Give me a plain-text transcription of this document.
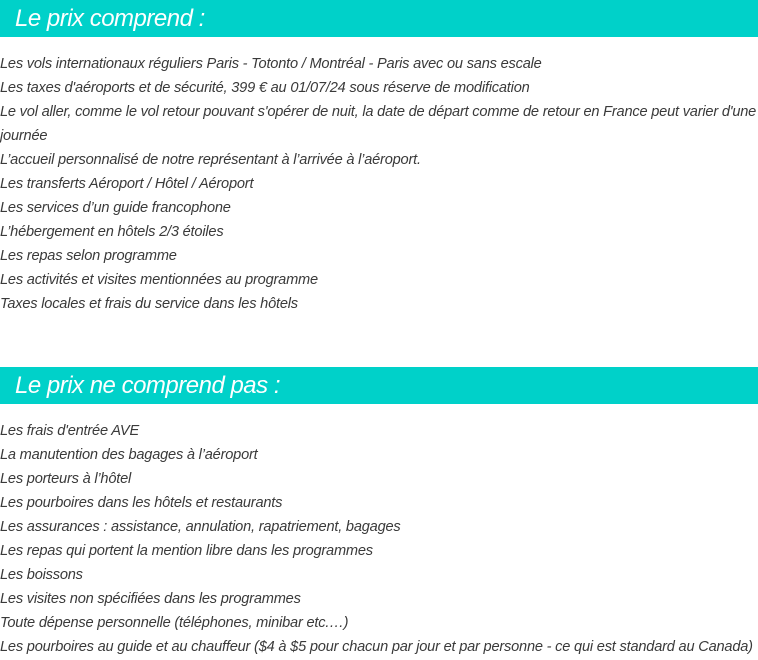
Le prix comprend :
Les vols internationaux réguliers Paris - Totonto / Montréal - Paris avec ou sans escale
Les taxes d'aéroports et de sécurité, 399 € au 01/07/24 sous réserve de modification
Le vol aller, comme le vol retour pouvant s'opérer de nuit, la date de départ comme de retour en France peut varier d'une journée
L’accueil personnalisé de notre représentant à l’arrivée à l’aéroport.
Les transferts Aéroport / Hôtel / Aéroport
Les services d’un guide francophone
L’hébergement en hôtels 2/3 étoiles
Les repas selon programme
Les activités et visites mentionnées au programme
Taxes locales et frais du service dans les hôtels
Le prix ne comprend pas :
Les frais d'entrée AVE
La manutention des bagages à l’aéroport
Les porteurs à l’hôtel
Les pourboires dans les hôtels et restaurants
Les assurances : assistance, annulation, rapatriement, bagages
Les repas qui portent la mention libre dans les programmes
Les boissons
Les visites non spécifiées dans les programmes
Toute dépense personnelle (téléphones, minibar etc.…)
Les pourboires au guide et au chauffeur ($4 à $5 pour chacun par jour et par personne - ce qui est standard au Canada)
